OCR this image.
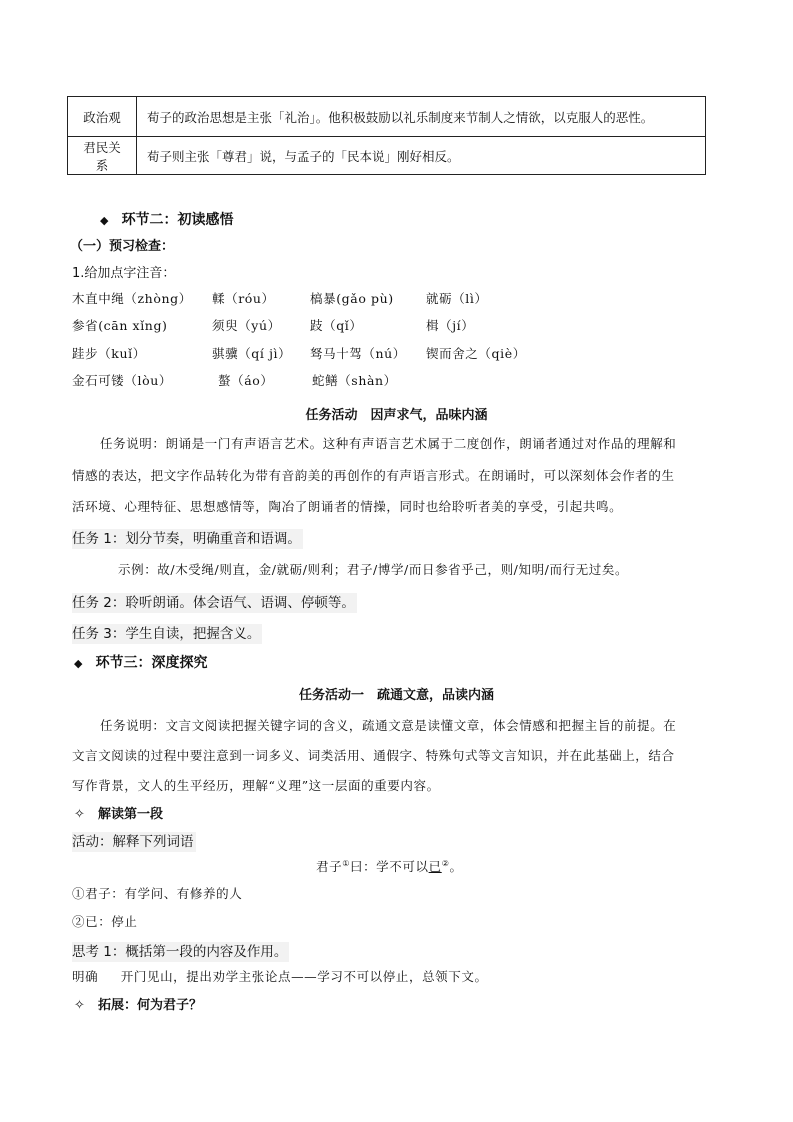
政治观	荀子的政治思想是主张「礼治」。他积极鼓励以礼乐制度来节制人之情欲，以克服人的恶性。
君民关系	荀子则主张「尊君」说，与孟子的「民本说」刚好相反。
◆ 环节二：初读感悟
（一）预习检查：
1.给加点字注音：
木直中绳（zhòng） 輮（róu）	槁暴(gǎo pù)	就砺（lì）
参省(cān xǐng)	须臾（yú） 跂（qǐ）	楫（jí）
跬步（kuǐ）	骐骥（qí jì） 驽马十驾（nú） 锲而舍之（qiè）
金石可镂（lòu）	螯（áo）	蛇鳝（shàn）
任务活动　因声求气，品味内涵
任务说明：朗诵是一门有声语言艺术。这种有声语言艺术属于二度创作，朗诵者通过对作品的理解和
情感的表达，把文字作品转化为带有音韵美的再创作的有声语言形式。在朗诵时，可以深刻体会作者的生
活环境、心理特征、思想感情等，陶冶了朗诵者的情操，同时也给聆听者美的享受，引起共鸣。
任务 1：划分节奏，明确重音和语调。
示例：故/木受绳/则直，金/就砺/则利；君子/博学/而日参省乎己，则/知明/而行无过矣。
任务 2：聆听朗诵。体会语气、语调、停顿等。
任务 3：学生自读，把握含义。
◆ 环节三：深度探究
任务活动一　疏通文意，品读内涵
任务说明：文言文阅读把握关键字词的含义，疏通文意是读懂文章，体会情感和把握主旨的前提。在
文言文阅读的过程中要注意到一词多义、词类活用、通假字、特殊句式等文言知识，并在此基础上，结合
写作背景，文人的生平经历，理解“义理”这一层面的重要内容。
✧ 解读第一段
活动：解释下列词语
君子①曰：学不可以已②。
①君子：有学问、有修养的人
②已：停止
思考 1：概括第一段的内容及作用。
明确 开门见山，提出劝学主张论点——学习不可以停止，总领下文。
✧ 拓展：何为君子？
